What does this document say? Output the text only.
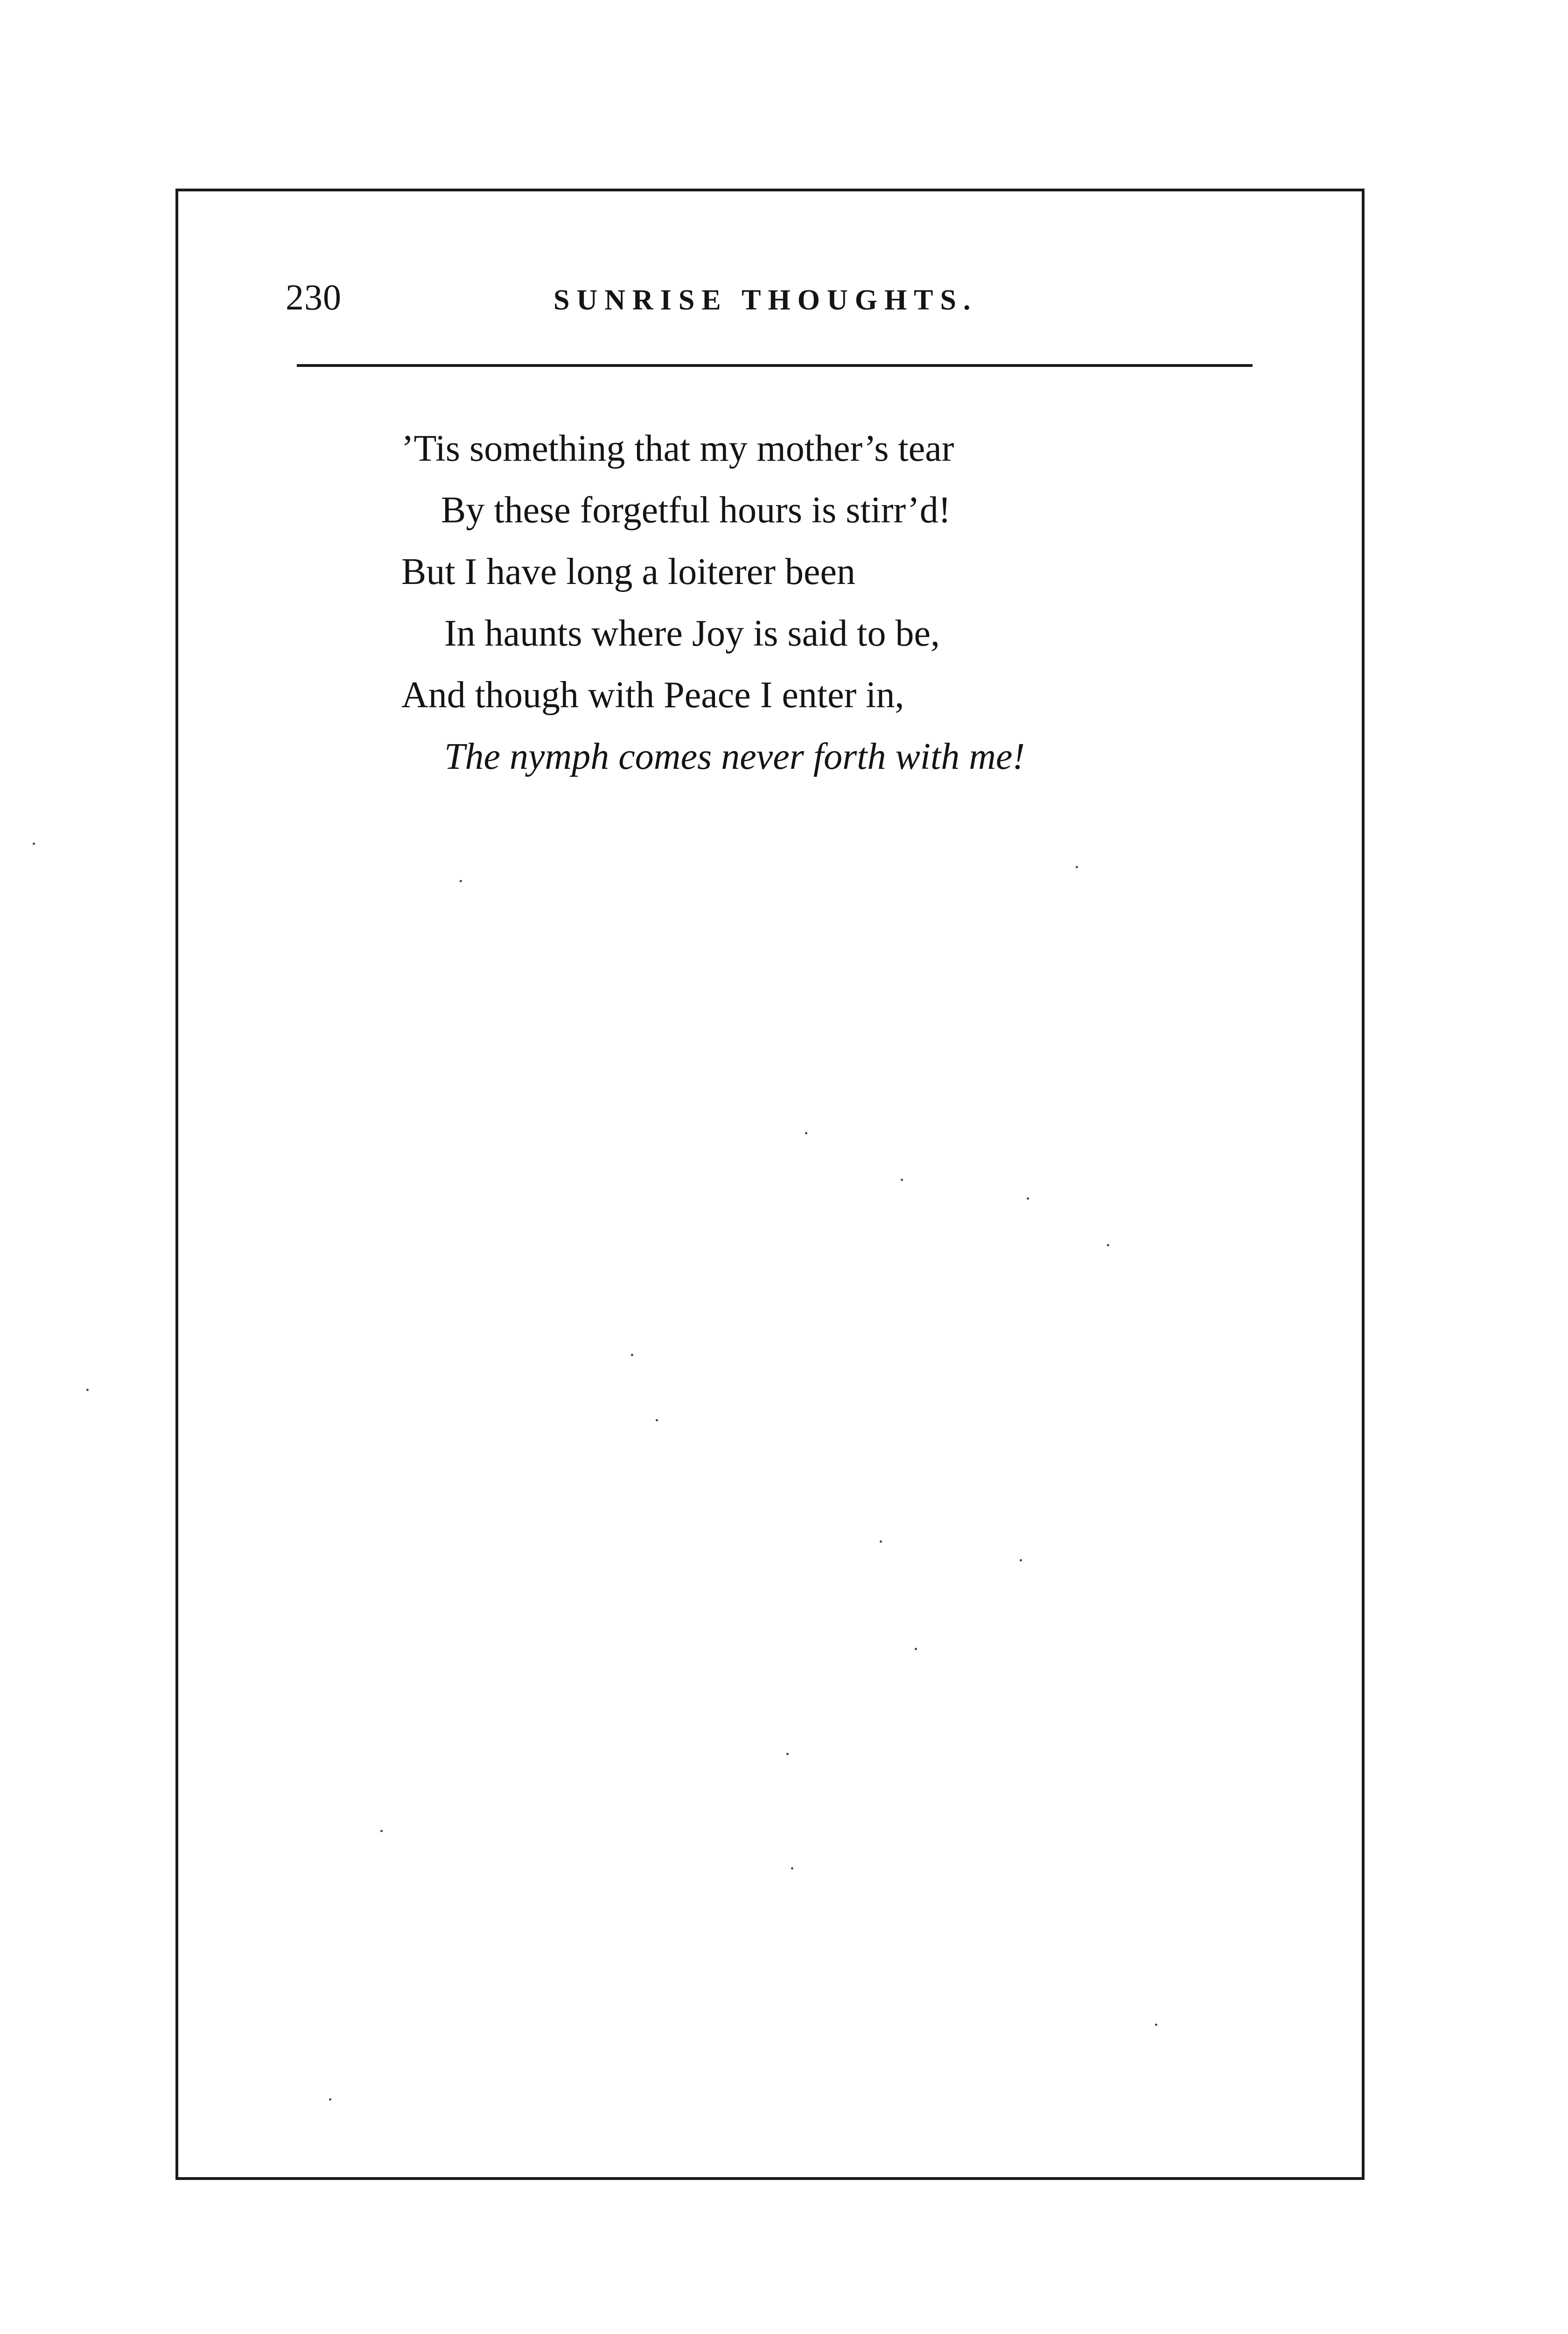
230	SUNRISE THOUGHTS.
’Tis something that my mother’s tear
By these forgetful hours is stirr’d!
But I have long a loiterer been
In haunts where Joy is said to be,
And though with Peace I enter in,
The nymph comes never forth with me!
